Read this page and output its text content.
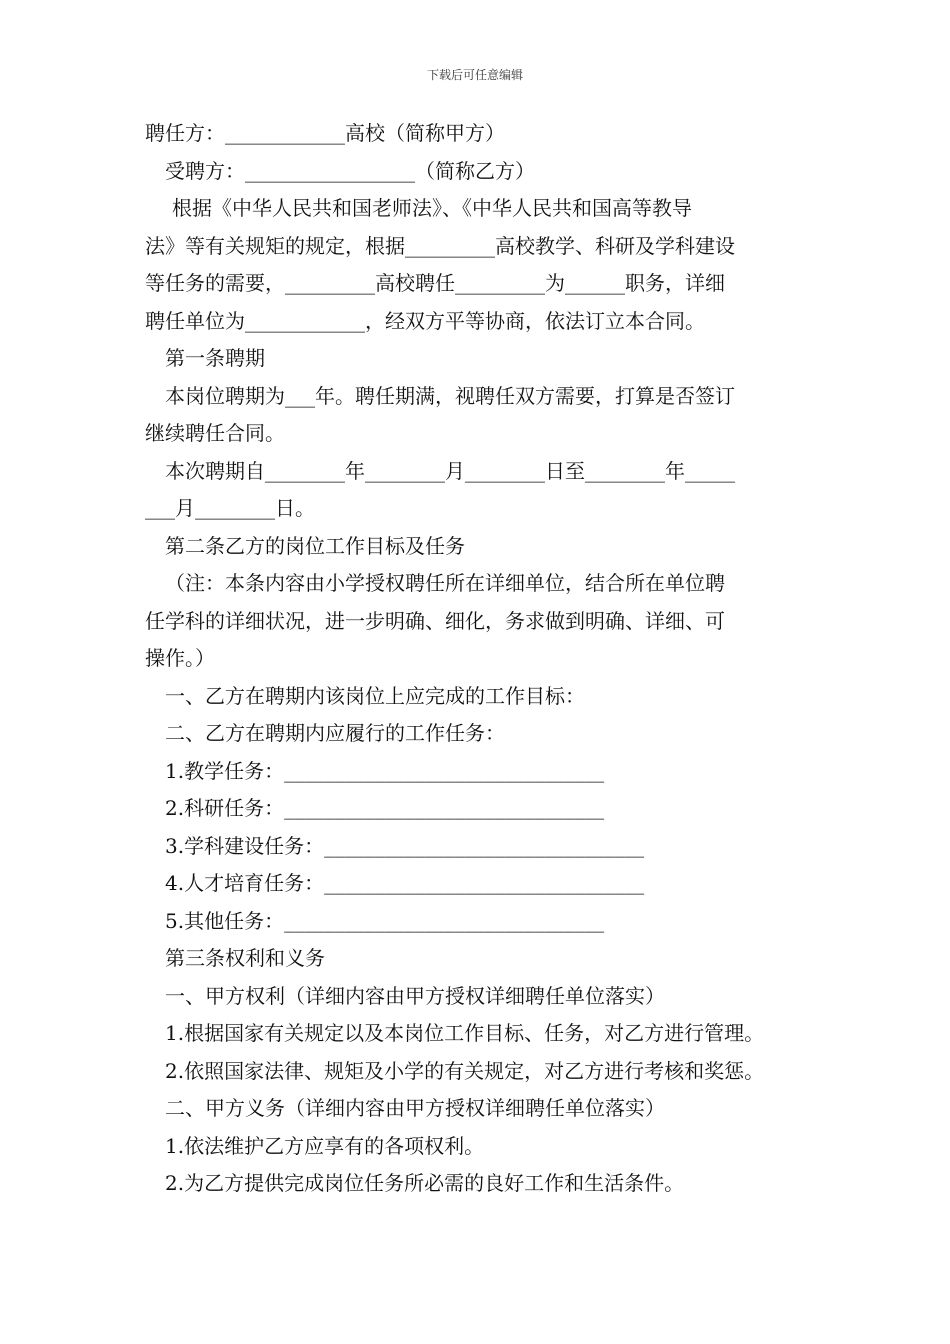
下载后可任意编辑
聘任方：____________高校（简称甲方）
受聘方：_________________（简称乙方）
根据《中华人民共和国老师法》、《中华人民共和国高等教导
法》等有关规矩的规定，根据_________高校教学、科研及学科建设
等任务的需要，_________高校聘任_________为______职务，详细
聘任单位为____________，经双方平等协商，依法订立本合同。
第一条聘期
本岗位聘期为___年。聘任期满，视聘任双方需要，打算是否签订
继续聘任合同。
本次聘期自________年________月________日至________年_____
___月________日。
第二条乙方的岗位工作目标及任务
（注：本条内容由小学授权聘任所在详细单位，结合所在单位聘
任学科的详细状况，进一步明确、细化，务求做到明确、详细、可
操作。）
一、乙方在聘期内该岗位上应完成的工作目标：
二、乙方在聘期内应履行的工作任务：
1.教学任务：________________________________
2.科研任务：________________________________
3.学科建设任务：________________________________
4.人才培育任务：________________________________
5.其他任务：________________________________
第三条权利和义务
一、甲方权利（详细内容由甲方授权详细聘任单位落实）
1.根据国家有关规定以及本岗位工作目标、任务，对乙方进行管理。
2.依照国家法律、规矩及小学的有关规定，对乙方进行考核和奖惩。
二、甲方义务（详细内容由甲方授权详细聘任单位落实）
1.依法维护乙方应享有的各项权利。
2.为乙方提供完成岗位任务所必需的良好工作和生活条件。
